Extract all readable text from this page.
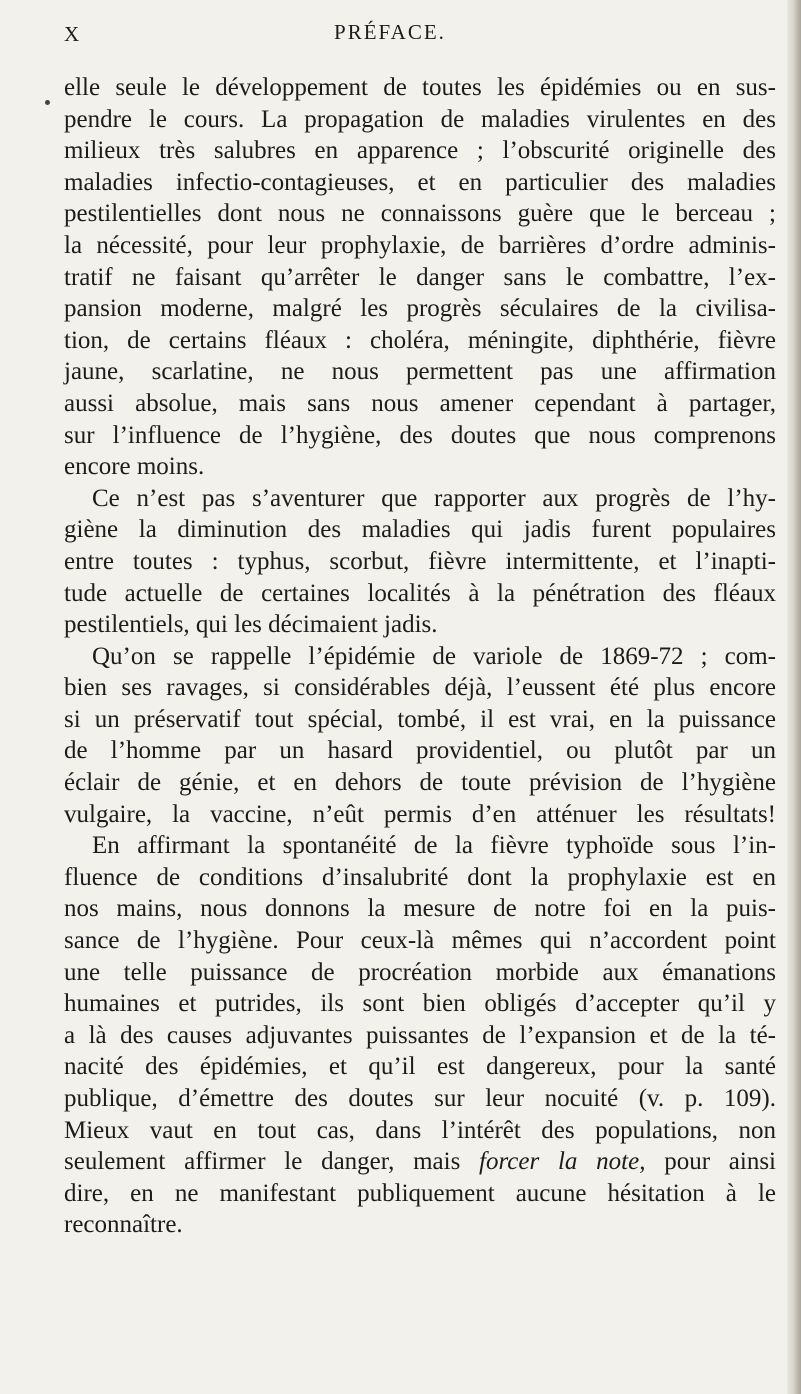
X	PRÉFACE.
elle seule le développement de toutes les épidémies ou en sus-
pendre le cours. La propagation de maladies virulentes en des
milieux très salubres en apparence ; l’obscurité originelle des
maladies infectio-contagieuses, et en particulier des maladies
pestilentielles dont nous ne connaissons guère que le berceau ;
la nécessité, pour leur prophylaxie, de barrières d’ordre adminis-
tratif ne faisant qu’arrêter le danger sans le combattre, l’ex-
pansion moderne, malgré les progrès séculaires de la civilisa-
tion, de certains fléaux : choléra, méningite, diphthérie, fièvre
jaune, scarlatine, ne nous permettent pas une affirmation
aussi absolue, mais sans nous amener cependant à partager,
sur l’influence de l’hygiène, des doutes que nous comprenons
encore moins.
Ce n’est pas s’aventurer que rapporter aux progrès de l’hy-
giène la diminution des maladies qui jadis furent populaires
entre toutes : typhus, scorbut, fièvre intermittente, et l’inapti-
tude actuelle de certaines localités à la pénétration des fléaux
pestilentiels, qui les décimaient jadis.
Qu’on se rappelle l’épidémie de variole de 1869-72 ; com-
bien ses ravages, si considérables déjà, l’eussent été plus encore
si un préservatif tout spécial, tombé, il est vrai, en la puissance
de l’homme par un hasard providentiel, ou plutôt par un
éclair de génie, et en dehors de toute prévision de l’hygiène
vulgaire, la vaccine, n’eût permis d’en atténuer les résultats!
En affirmant la spontanéité de la fièvre typhoïde sous l’in-
fluence de conditions d’insalubrité dont la prophylaxie est en
nos mains, nous donnons la mesure de notre foi en la puis-
sance de l’hygiène. Pour ceux-là mêmes qui n’accordent point
une telle puissance de procréation morbide aux émanations
humaines et putrides, ils sont bien obligés d’accepter qu’il y
a là des causes adjuvantes puissantes de l’expansion et de la té-
nacité des épidémies, et qu’il est dangereux, pour la santé
publique, d’émettre des doutes sur leur nocuité (v. p. 109).
Mieux vaut en tout cas, dans l’intérêt des populations, non
seulement affirmer le danger, mais forcer la note, pour ainsi
dire, en ne manifestant publiquement aucune hésitation à le
reconnaître.
